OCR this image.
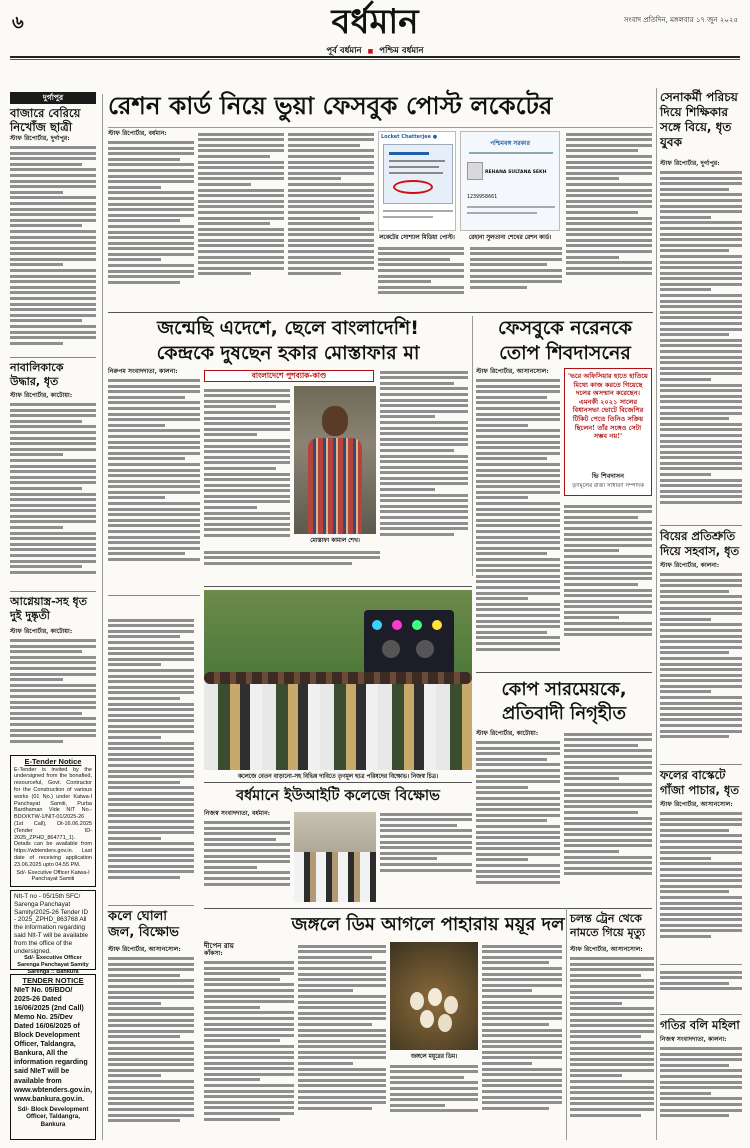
৬	সংবাদ প্রতিদিন, মঙ্গলবার ১৭ জুন ২০২৫
বর্ধমান
পূর্ব বর্ধমান ■ পশ্চিম বর্ধমান
দুর্গাপুর
বাজারে বেরিয়ে নিখোঁজ ছাত্রী
স্টাফ রিপোর্টার, দুর্গাপুর:
নাবালিকাকে উদ্ধার, ধৃত
স্টাফ রিপোর্টার, কাটোয়া:
আগ্নেয়াস্ত্র-সহ ধৃত দুই দুষ্কৃতী
স্টাফ রিপোর্টার, কাটোয়া:
E-Tender Notice
E-Tender is invited by the undersigned from the bonafied, resourceful, Govt. Contractor for the Construction of various works (01 No.) under Katwa-I Panchayat Samiti, Purba Bardhaman Vide NIT No.-BDO/KTW-1/NIT-01/2025-26 (1st Call), Dt-16.06.2025 (Tender ID-2025_ZPHD_864771_1). Details can be available from https://wbtenders.gov.in. Last date of receiving application 23.06.2025 upto 04.55 PM.
Sd/- Executive Officer Katwa-I Panchayat Samiti
NIt-T no - 05/15th SFC/ Sarenga Panchayat Samity/2025-26 Tender ID - 2025_ZPHD_863768 All the information regarding said NIt-T will be available from the office of the undersigned.
Sd/- Executive Officer Sarenga Panchayat Samity Sarenga :: Bankura
TENDER NOTICE
NIeT No. 05/BDO/ 2025-26 Dated 16/06/2025 (2nd Call) Memo No. 25/Dev Dated 16/06/2025 of Block Development Officer, Taldangra, Bankura, All the information regarding said NIeT will be available from www.wbtenders.gov.in, www.bankura.gov.in.
Sd/- Block Development Officer, Taldangra, Bankura
কলে ঘোলা জল, বিক্ষোভ
স্টাফ রিপোর্টার, আসানসোল:
রেশন কার্ড নিয়ে ভুয়া ফেসবুক পোস্ট লকেটের
স্টাফ রিপোর্টার, বর্ধমান:	Locket Chatterjee ●
লকেটের সোশ্যাল মিডিয়া পোস্ট।
পশ্চিমবঙ্গ সরকার
REHANA SULTANA SEKH
1239958661
রেহানা সুলতানা শেখের রেশন কার্ড।
সেনাকর্মী পরিচয় দিয়ে শিক্ষিকার সঙ্গে বিয়ে, ধৃত যুবক
স্টাফ রিপোর্টার, দুর্গাপুর:
বিয়ের প্রতিশ্রুতি দিয়ে সহবাস, ধৃত
স্টাফ রিপোর্টার, কালনা:
ফলের বাস্কেটে গাঁজা পাচার, ধৃত
স্টাফ রিপোর্টার, আসানসোল:
জন্মেছি এদেশে, ছেলে বাংলাদেশি!
কেন্দ্রকে দুষছেন হকার মোস্তাফার মা
নিরুপম সংবাদদাতা, কালনা:	বাংলাদেশে পুশব্যাক-কাণ্ড
মোস্তাফা কামাল শেখ।
ফেসবুকে নরেনকে
তোপ শিবদাসনের
স্টাফ রিপোর্টার, আসানসোল:
'ভরে অফিসিয়ার হাতে হাতিয়ে মিথ্যে কাজ করতে গিয়েছে দলের অসম্মান করেছেন। এমনকী ২০২১ সালের বিধানসভা ভোটে বিজেপির টিকিট পেতে তিনিও সক্রিয় ছিলেন! তাঁর সঙ্গেও সেটা সম্ভব নয়!'
ভি শিবদাসন
তৃণমূলের রাজ্য সাধারণ সম্পাদক
কলেজে বেতন বাড়ানো-সহ বিভিন্ন দাবিতে তৃণমূল ছাত্র পরিষদের বিক্ষোভ। নিজস্ব চিত্র।
কোপ সারমেয়কে,
প্রতিবাদী নিগৃহীত
স্টাফ রিপোর্টার, কাটোয়া:
বর্ধমানে ইউআইটি কলেজে বিক্ষোভ
নিজস্ব সংবাদদাতা, বর্ধমান:
জঙ্গলে ডিম আগলে পাহারায় ময়ূর দল
দীপেন রায়
কাঁকসা:
জঙ্গলে ময়ূরের ডিম।
চলন্ত ট্রেন থেকে নামতে গিয়ে মৃত্যু
স্টাফ রিপোর্টার, আসানসোল:
গতির বলি মহিলা
নিজস্ব সংবাদদাতা, কালনা:
